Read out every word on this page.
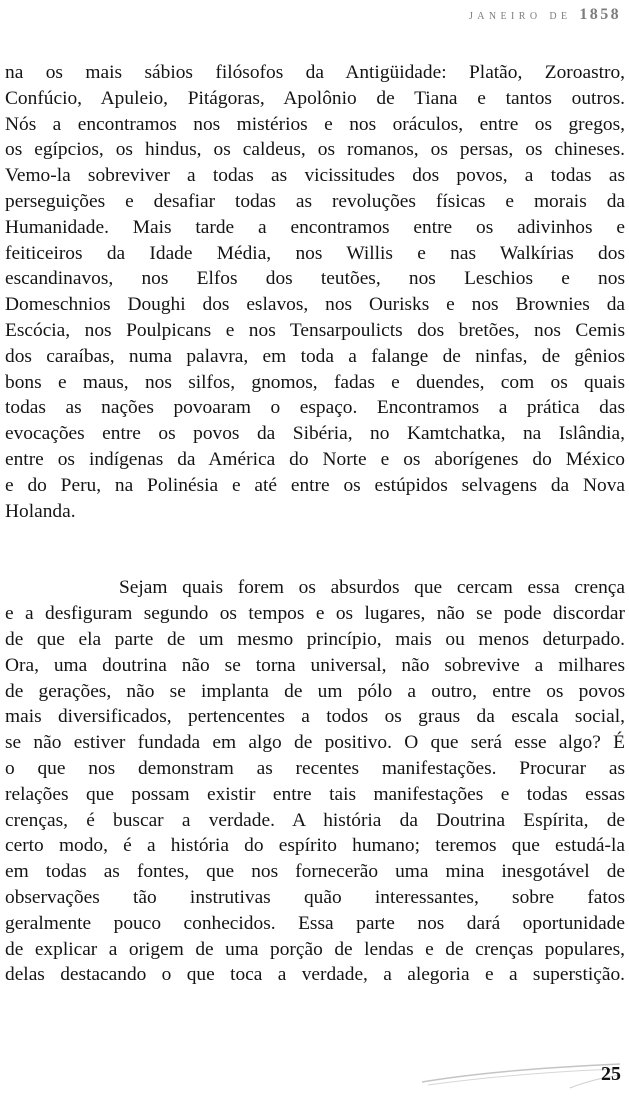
janeiro de 1858
na os mais sábios filósofos da Antigüidade: Platão, Zoroastro,
Confúcio, Apuleio, Pitágoras, Apolônio de Tiana e tantos outros.
Nós a encontramos nos mistérios e nos oráculos, entre os gregos,
os egípcios, os hindus, os caldeus, os romanos, os persas, os chineses.
Vemo-la sobreviver a todas as vicissitudes dos povos, a todas as
perseguições e desafiar todas as revoluções físicas e morais da
Humanidade. Mais tarde a encontramos entre os adivinhos e
feiticeiros da Idade Média, nos Willis e nas Walkírias dos
escandinavos, nos Elfos dos teutões, nos Leschios e nos
Domeschnios Doughi dos eslavos, nos Ourisks e nos Brownies da
Escócia, nos Poulpicans e nos Tensarpoulicts dos bretões, nos Cemis
dos caraíbas, numa palavra, em toda a falange de ninfas, de gênios
bons e maus, nos silfos, gnomos, fadas e duendes, com os quais
todas as nações povoaram o espaço. Encontramos a prática das
evocações entre os povos da Sibéria, no Kamtchatka, na Islândia,
entre os indígenas da América do Norte e os aborígenes do México
e do Peru, na Polinésia e até entre os estúpidos selvagens da Nova
Holanda.
Sejam quais forem os absurdos que cercam essa crença
e a desfiguram segundo os tempos e os lugares, não se pode discordar
de que ela parte de um mesmo princípio, mais ou menos deturpado.
Ora, uma doutrina não se torna universal, não sobrevive a milhares
de gerações, não se implanta de um pólo a outro, entre os povos
mais diversificados, pertencentes a todos os graus da escala social,
se não estiver fundada em algo de positivo. O que será esse algo? É
o que nos demonstram as recentes manifestações. Procurar as
relações que possam existir entre tais manifestações e todas essas
crenças, é buscar a verdade. A história da Doutrina Espírita, de
certo modo, é a história do espírito humano; teremos que estudá-la
em todas as fontes, que nos fornecerão uma mina inesgotável de
observações tão instrutivas quão interessantes, sobre fatos
geralmente pouco conhecidos. Essa parte nos dará oportunidade
de explicar a origem de uma porção de lendas e de crenças populares,
delas destacando o que toca a verdade, a alegoria e a superstição.
25
